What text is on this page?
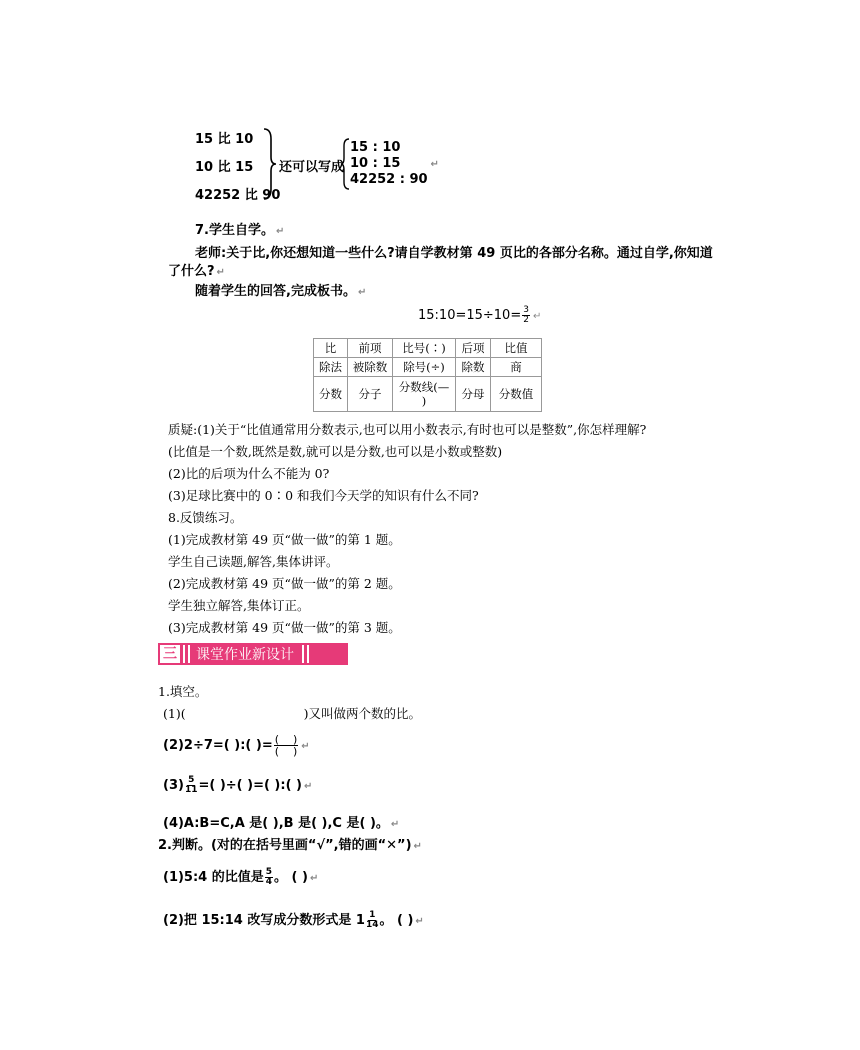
15 比 10
10 比 15
42252 比 90
还可以写成
15 : 10
10 : 15	↵
42252 : 90
7.学生自学。 ↵
老师:关于比,你还想知道一些什么?请自学教材第 49 页比的各部分名称。通过自学,你知道
了什么? ↵
随着学生的回答,完成板书。 ↵
15:10=15÷10= $\frac{3}{2}$ ↵
比	前项	比号(∶)	后项	比值
除法	被除数	除号(÷)	除数	商
分数	分子	分数线(—
)	分母	分数值
质疑:(1)关于“比值通常用分数表示,也可以用小数表示,有时也可以是整数”,你怎样理解?
(比值是一个数,既然是数,就可以是分数,也可以是小数或整数)
(2)比的后项为什么不能为 0?
(3)足球比赛中的 0∶0 和我们今天学的知识有什么不同?
8.反馈练习。
(1)完成教材第 49 页“做一做”的第 1 题。
学生自己读题,解答,集体讲评。
(2)完成教材第 49 页“做一做”的第 2 题。
学生独立解答,集体订正。
(3)完成教材第 49 页“做一做”的第 3 题。
三 课堂作业新设计
1.填空。
(1)(	)又叫做两个数的比。
(2)2÷7=( ):( )= $\frac{( )}{( )}$ ↵
$(3) \frac{5}{11}$ =( )÷( )=( ):( ) ↵
(4)A:B=C,A 是( ),B 是( ),C 是( )。 ↵
2.判断。(对的在括号里画“√”,错的画“✕”) ↵
(1)5:4 的比值是 $\frac{5}{4}$ 。 ( ) ↵
(2)把 15:14 改写成分数形式是 $1 \frac{1}{14}$ 。 ( ) ↵
